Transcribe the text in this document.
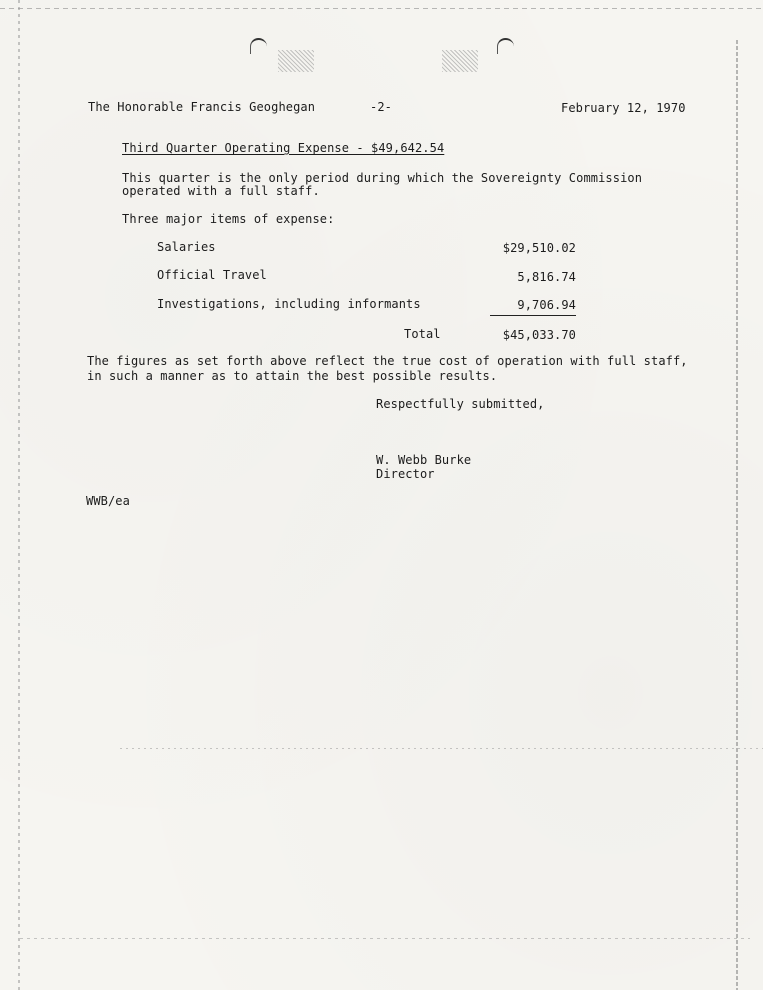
The Honorable Francis Geoghegan	-2-	February 12, 1970
Third Quarter Operating Expense - $49,642.54
This quarter is the only period during which the Sovereignty Commission
operated with a full staff.
Three major items of expense:
Salaries	$29,510.02
Official Travel	5,816.74
Investigations, including informants	9,706.94
Total	$45,033.70
The figures as set forth above reflect the true cost of operation with full staff,
in such a manner as to attain the best possible results.
Respectfully submitted,
W. Webb Burke
Director
WWB/ea
